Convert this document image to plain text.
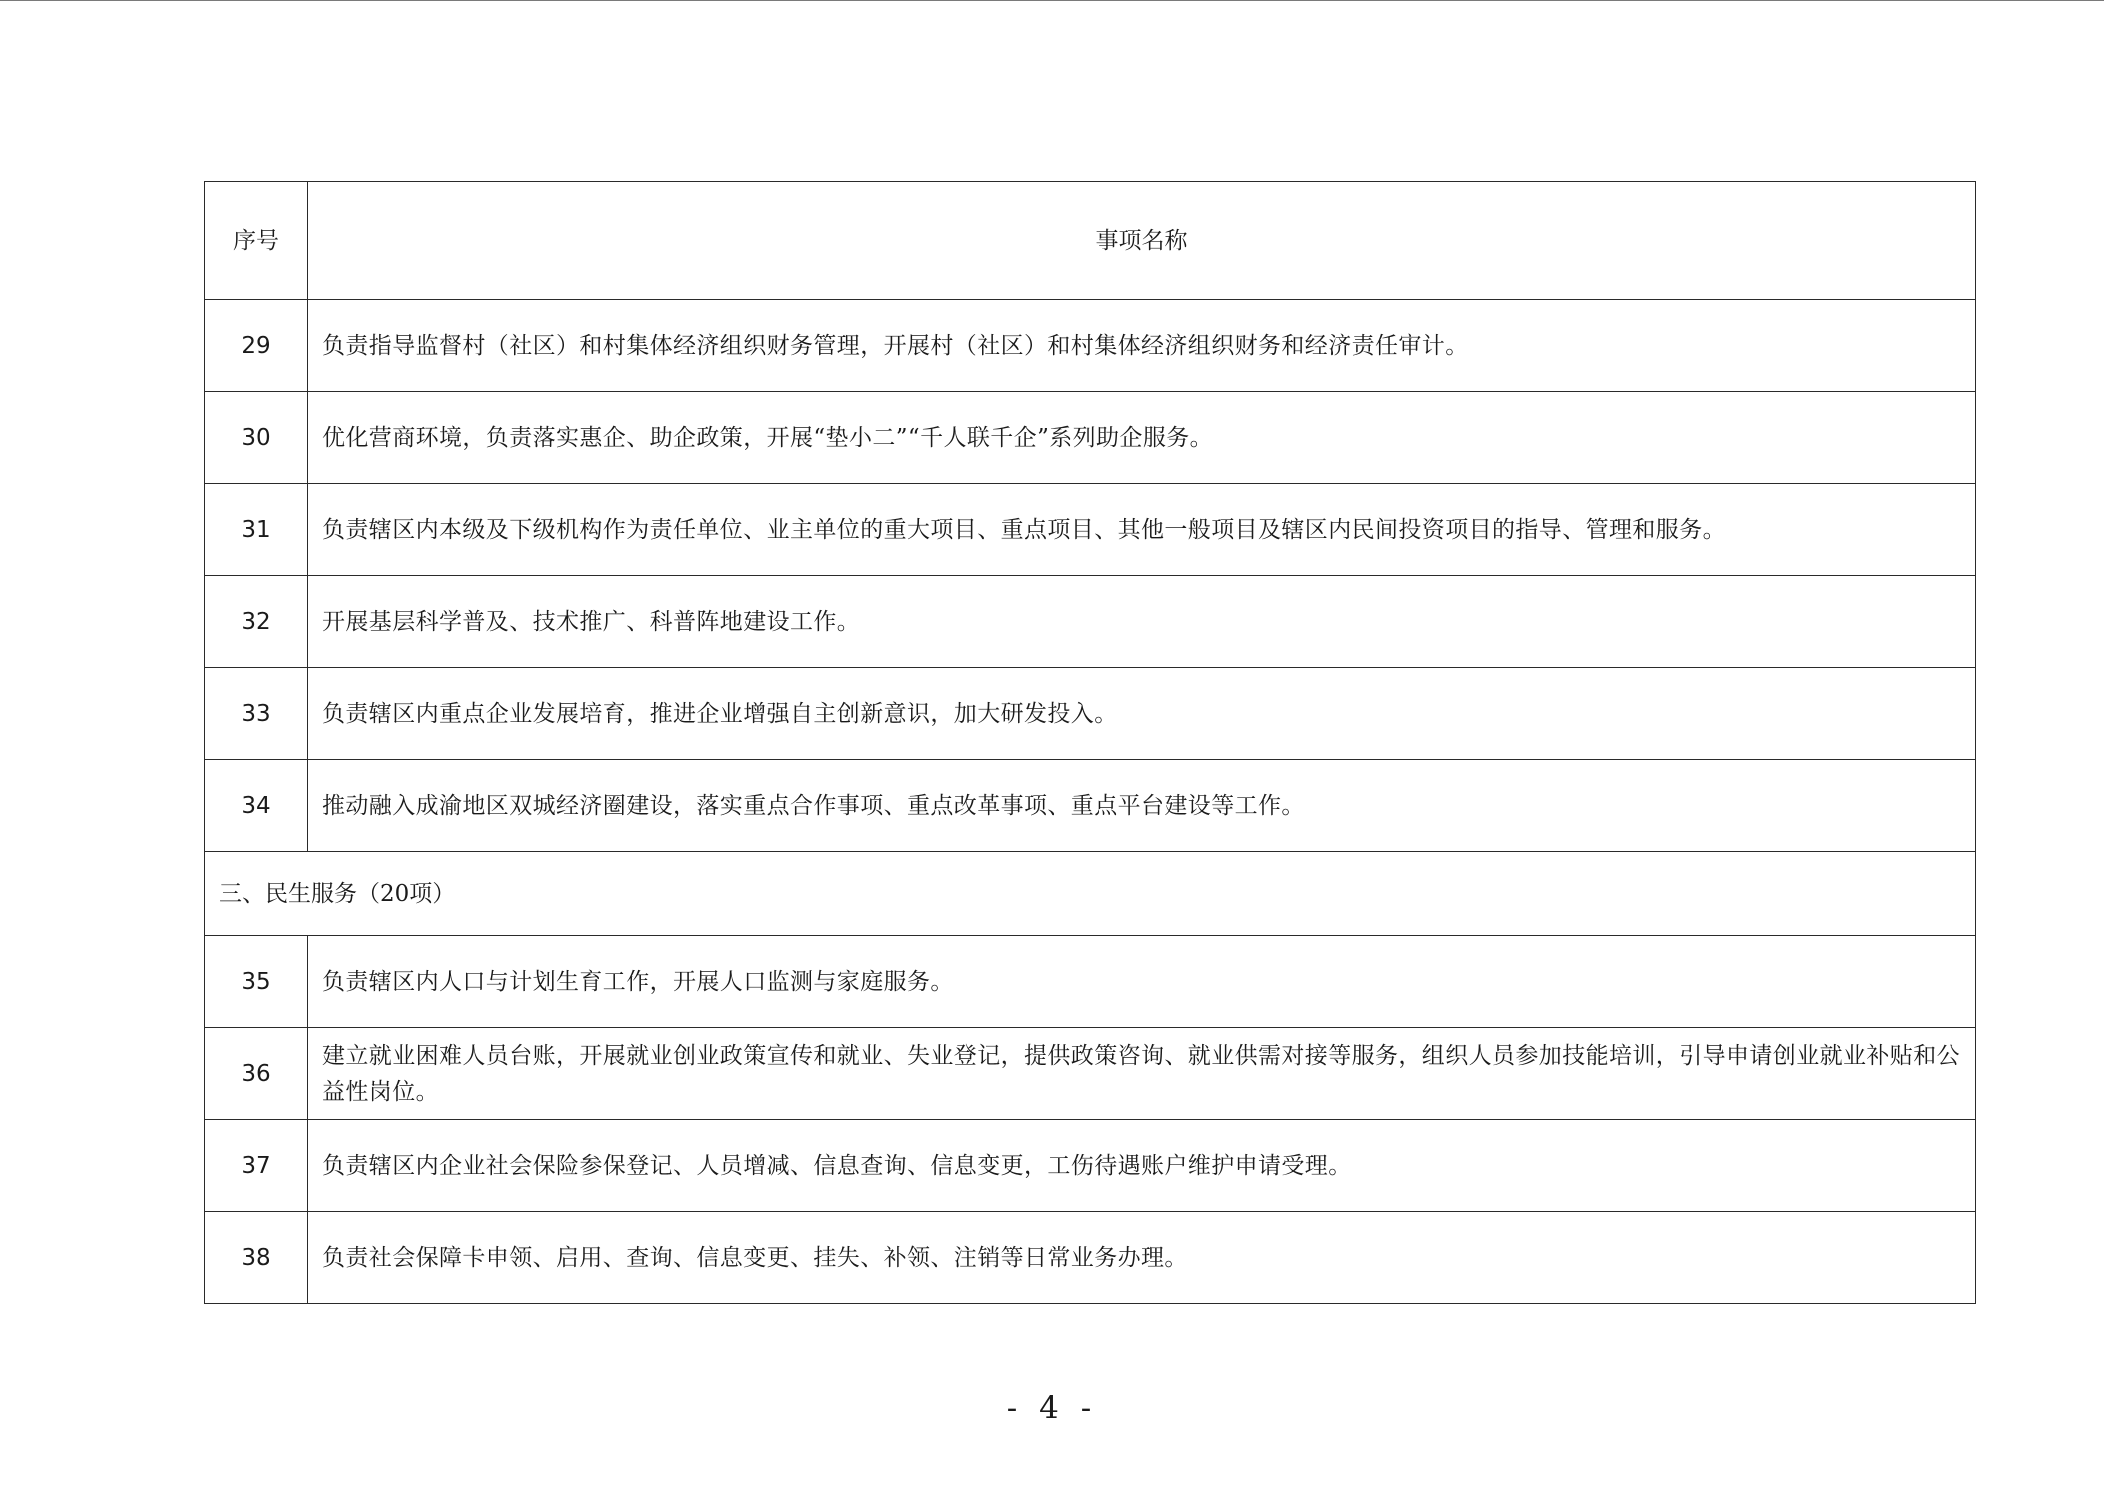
序号	事项名称
29	负责指导监督村（社区）和村集体经济组织财务管理，开展村（社区）和村集体经济组织财务和经济责任审计。
30	优化营商环境，负责落实惠企、助企政策，开展“垫小二”“千人联千企”系列助企服务。
31	负责辖区内本级及下级机构作为责任单位、业主单位的重大项目、重点项目、其他一般项目及辖区内民间投资项目的指导、管理和服务。
32	开展基层科学普及、技术推广、科普阵地建设工作。
33	负责辖区内重点企业发展培育，推进企业增强自主创新意识，加大研发投入。
34	推动融入成渝地区双城经济圈建设，落实重点合作事项、重点改革事项、重点平台建设等工作。
三、民生服务（20项）	
35	负责辖区内人口与计划生育工作，开展人口监测与家庭服务。
36	建立就业困难人员台账，开展就业创业政策宣传和就业、失业登记，提供政策咨询、就业供需对接等服务，组织人员参加技能培训，引导申请创业就业补贴和公益性岗位。
37	负责辖区内企业社会保险参保登记、人员增减、信息查询、信息变更，工伤待遇账户维护申请受理。
38	负责社会保障卡申领、启用、查询、信息变更、挂失、补领、注销等日常业务办理。
- 4 -
